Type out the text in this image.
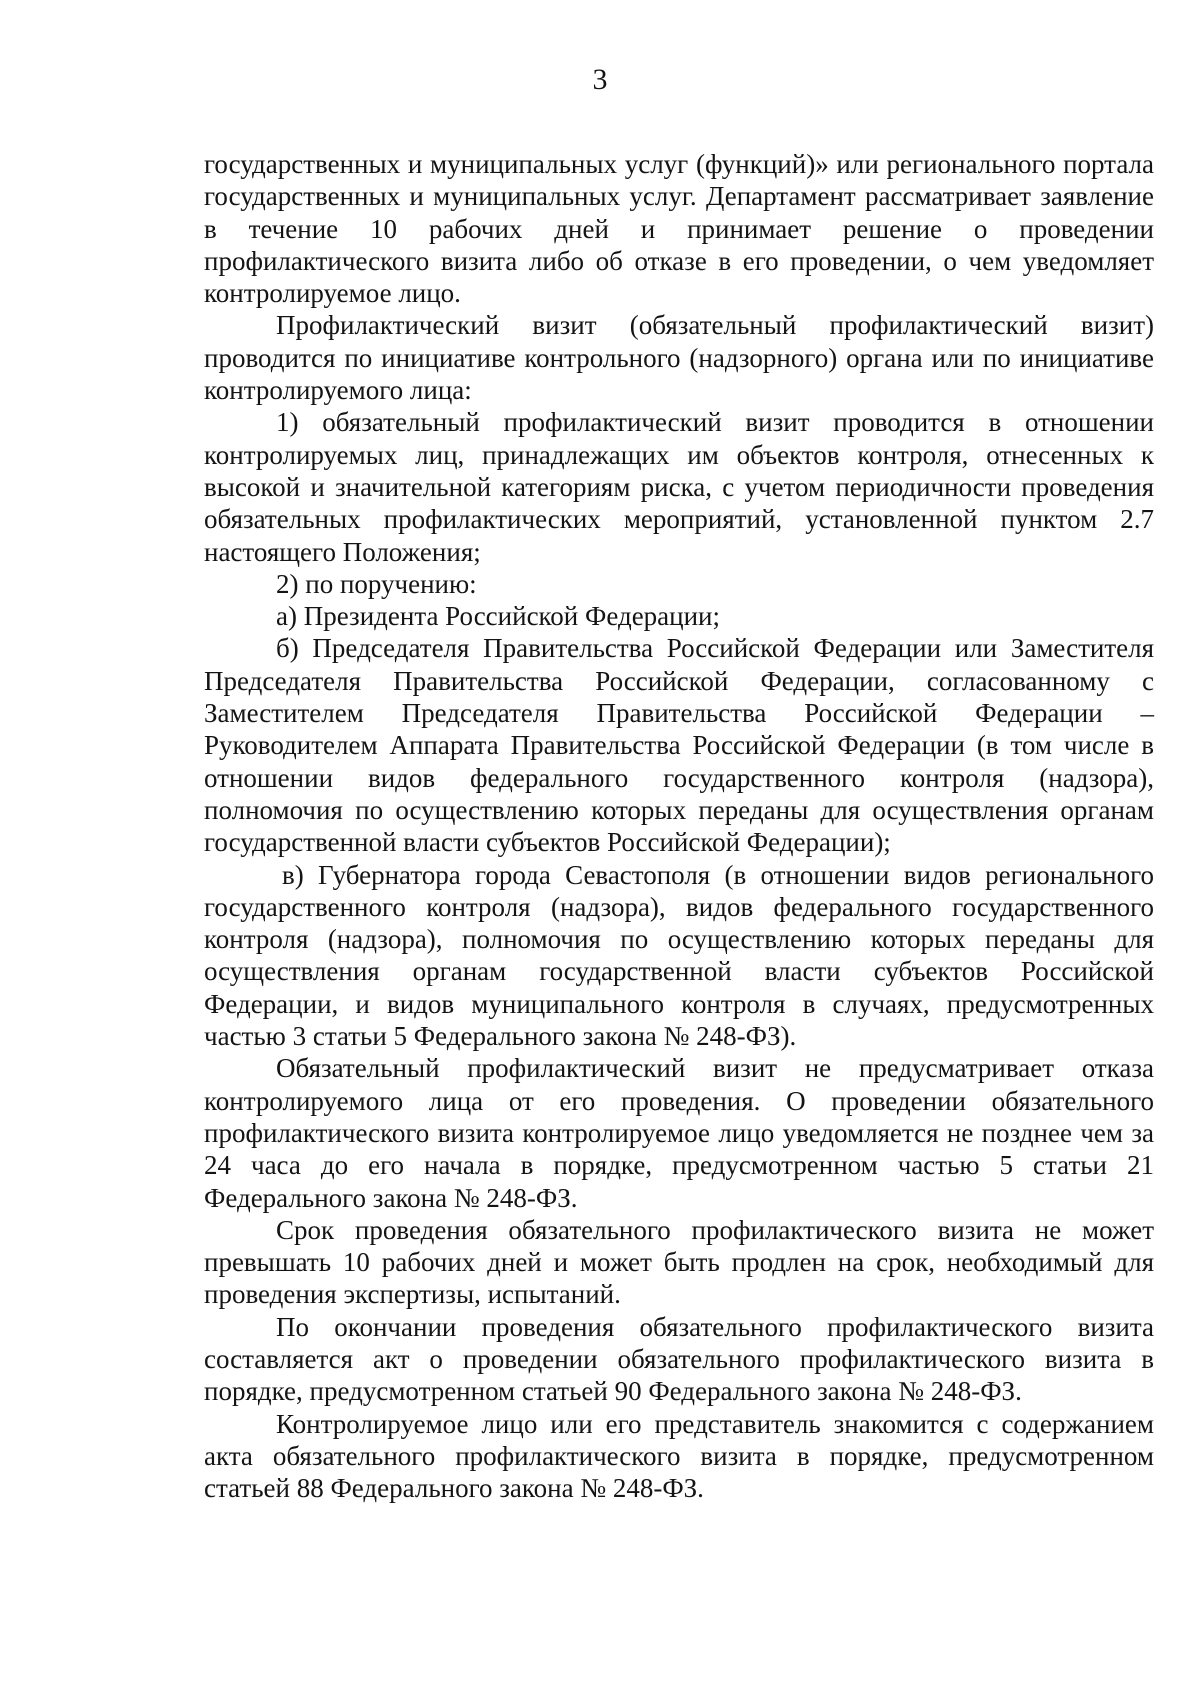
3

государственных и муниципальных услуг (функций)» или регионального портала государственных и муниципальных услуг. Департамент рассматривает заявление в течение 10 рабочих дней и принимает решение о проведении профилактического визита либо об отказе в его проведении, о чем уведомляет контролируемое лицо.

Профилактический визит (обязательный профилактический визит) проводится по инициативе контрольного (надзорного) органа или по инициативе контролируемого лица:

1) обязательный профилактический визит проводится в отношении контролируемых лиц, принадлежащих им объектов контроля, отнесенных к высокой и значительной категориям риска, с учетом периодичности проведения обязательных профилактических мероприятий, установленной пунктом 2.7 настоящего Положения;

2) по поручению:

а) Президента Российской Федерации;

б) Председателя Правительства Российской Федерации или Заместителя Председателя Правительства Российской Федерации, согласованному с Заместителем Председателя Правительства Российской Федерации – Руководителем Аппарата Правительства Российской Федерации (в том числе в отношении видов федерального государственного контроля (надзора), полномочия по осуществлению которых переданы для осуществления органам государственной власти субъектов Российской Федерации);

в) Губернатора города Севастополя (в отношении видов регионального государственного контроля (надзора), видов федерального государственного контроля (надзора), полномочия по осуществлению которых переданы для осуществления органам государственной власти субъектов Российской Федерации, и видов муниципального контроля в случаях, предусмотренных частью 3 статьи 5 Федерального закона № 248-ФЗ).

Обязательный профилактический визит не предусматривает отказа контролируемого лица от его проведения. О проведении обязательного профилактического визита контролируемое лицо уведомляется не позднее чем за 24 часа до его начала в порядке, предусмотренном частью 5 статьи 21 Федерального закона № 248-ФЗ.

Срок проведения обязательного профилактического визита не может превышать 10 рабочих дней и может быть продлен на срок, необходимый для проведения экспертизы, испытаний.

По окончании проведения обязательного профилактического визита составляется акт о проведении обязательного профилактического визита в порядке, предусмотренном статьей 90 Федерального закона № 248-ФЗ.

Контролируемое лицо или его представитель знакомится с содержанием акта обязательного профилактического визита в порядке, предусмотренном статьей 88 Федерального закона № 248-ФЗ.
